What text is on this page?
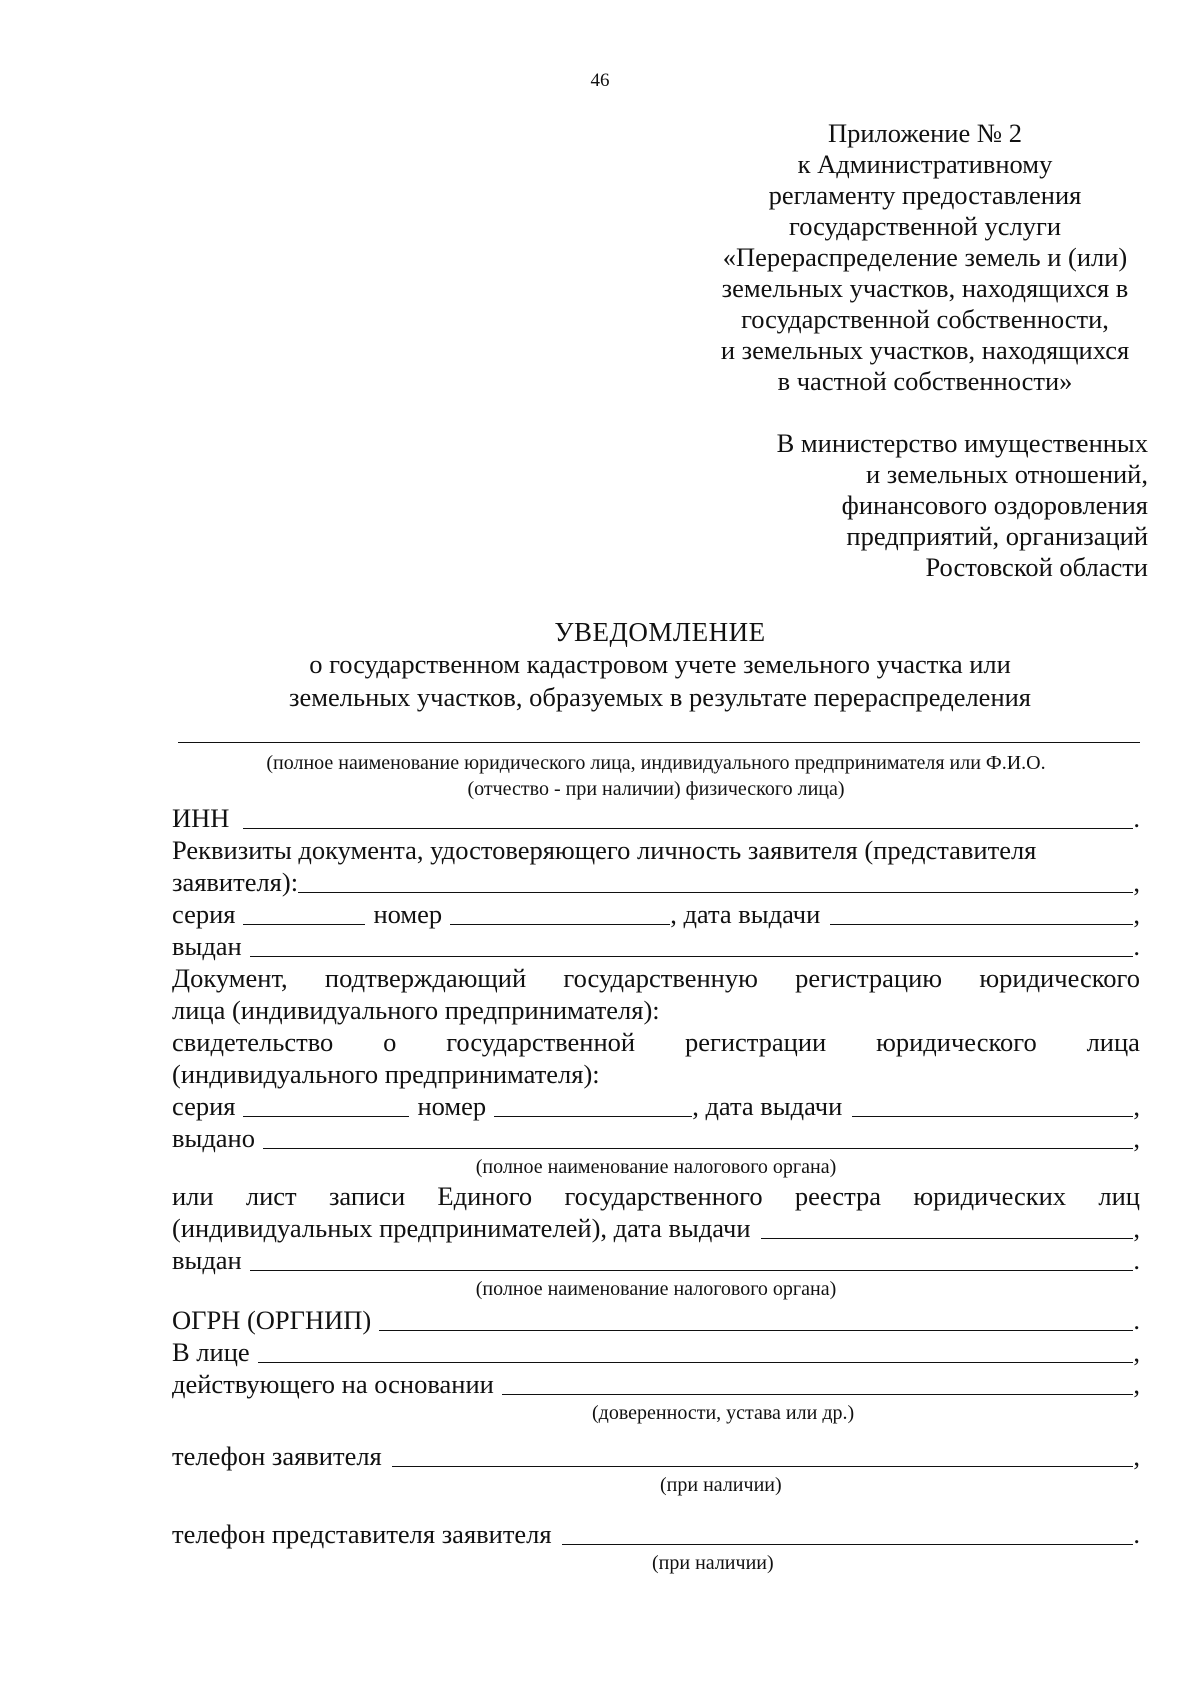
46
Приложение № 2
к Административному
регламенту предоставления
государственной услуги
«Перераспределение земель и (или)
земельных участков, находящихся в
государственной собственности,
и земельных участков, находящихся
в частной собственности»
В министерство имущественных
и земельных отношений,
финансового оздоровления
предприятий, организаций
Ростовской области
УВЕДОМЛЕНИЕ
о государственном кадастровом учете земельного участка или
земельных участков, образуемых в результате перераспределения
(полное наименование юридического лица, индивидуального предпринимателя или Ф.И.О.
(отчество - при наличии) физического лица)
ИНН	.
Реквизиты документа, удостоверяющего личность заявителя (представителя
заявителя):	,
серия	номер	, дата выдачи	,
выдан	.
Документ, подтверждающий государственную регистрацию юридического
лица (индивидуального предпринимателя):
свидетельство о государственной регистрации юридического лица
(индивидуального предпринимателя):
серия	номер	, дата выдачи	,
выдано	,
(полное наименование налогового органа)
или лист записи Единого государственного реестра юридических лиц
(индивидуальных предпринимателей), дата выдачи	,
выдан	.
(полное наименование налогового органа)
ОГРН (ОРГНИП)	.
В лице	,
действующего на основании	,
(доверенности, устава или др.)
телефон заявителя	,
(при наличии)
телефон представителя заявителя	.
(при наличии)
